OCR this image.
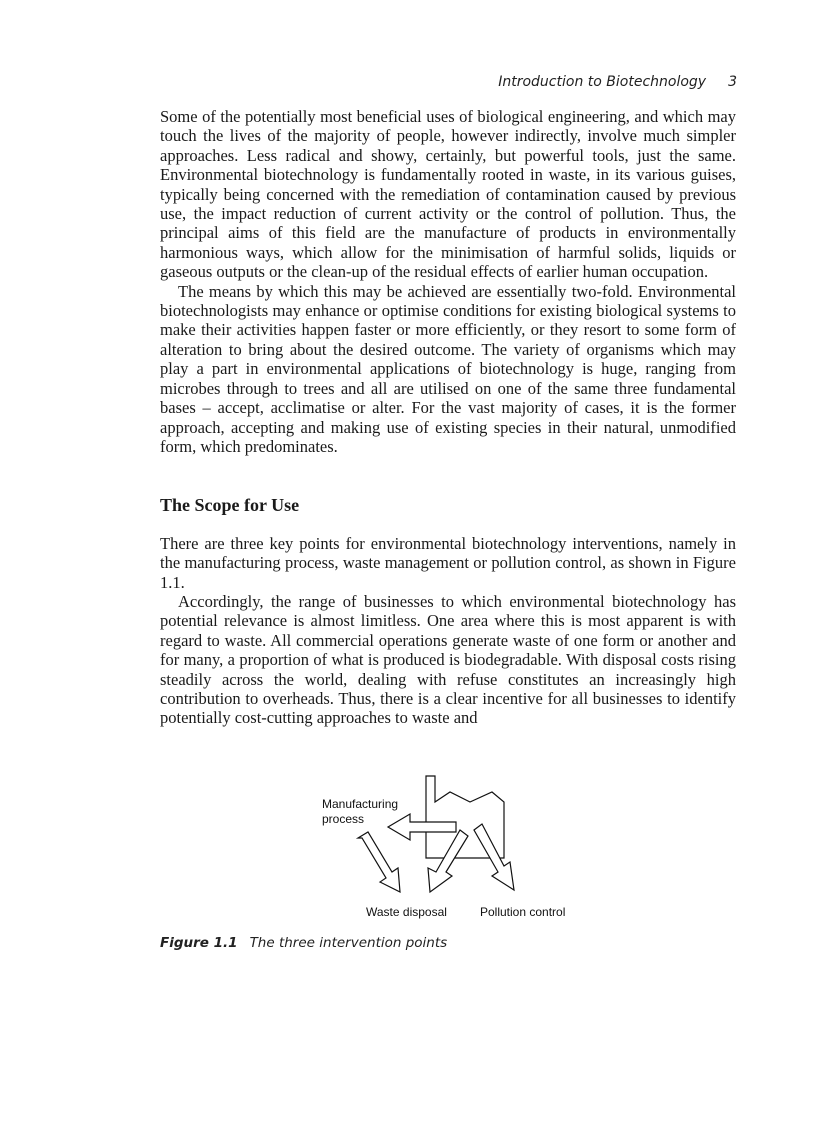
Introduction to Biotechnology 3

Some of the potentially most beneficial uses of biological engineering, and which may touch the lives of the majority of people, however indirectly, involve much simpler approaches. Less radical and showy, certainly, but powerful tools, just the same. Environmental biotechnology is fundamentally rooted in waste, in its various guises, typically being concerned with the remediation of contamination caused by previous use, the impact reduction of current activity or the control of pollution. Thus, the principal aims of this field are the manufacture of products in environmentally harmonious ways, which allow for the minimisation of harmful solids, liquids or gaseous outputs or the clean-up of the residual effects of earlier human occupation.

The means by which this may be achieved are essentially two-fold. Environmental biotechnologists may enhance or optimise conditions for existing biological systems to make their activities happen faster or more efficiently, or they resort to some form of alteration to bring about the desired outcome. The variety of organisms which may play a part in environmental applications of biotechnology is huge, ranging from microbes through to trees and all are utilised on one of the same three fundamental bases – accept, acclimatise or alter. For the vast majority of cases, it is the former approach, accepting and making use of existing species in their natural, unmodified form, which predominates.

The Scope for Use

There are three key points for environmental biotechnology interventions, namely in the manufacturing process, waste management or pollution control, as shown in Figure 1.1.

Accordingly, the range of businesses to which environmental biotechnology has potential relevance is almost limitless. One area where this is most apparent is with regard to waste. All commercial operations generate waste of one form or another and for many, a proportion of what is produced is biodegradable. With disposal costs rising steadily across the world, dealing with refuse constitutes an increasingly high contribution to overheads. Thus, there is a clear incentive for all businesses to identify potentially cost-cutting approaches to waste and

Manufacturing
process
Waste disposal	Pollution control
Figure 1.1 The three intervention points
